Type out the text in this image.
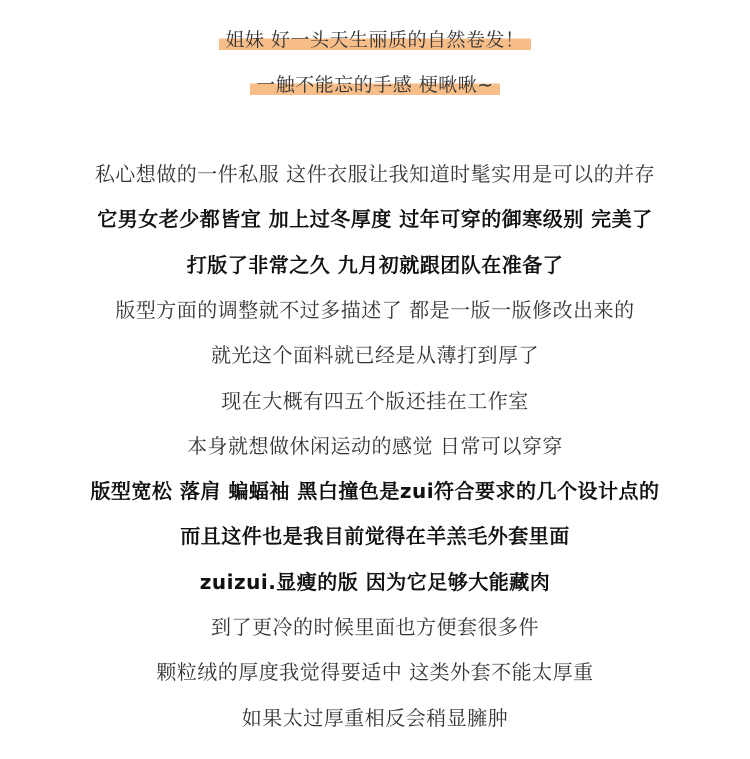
姐妹 好一头天生丽质的自然卷发！
一触不能忘的手感 梗啾啾~
私心想做的一件私服 这件衣服让我知道时髦实用是可以的并存
它男女老少都皆宜 加上过冬厚度 过年可穿的御寒级别 完美了
打版了非常之久 九月初就跟团队在准备了
版型方面的调整就不过多描述了 都是一版一版修改出来的
就光这个面料就已经是从薄打到厚了
现在大概有四五个版还挂在工作室
本身就想做休闲运动的感觉 日常可以穿穿
版型宽松 落肩 蝙蝠袖 黑白撞色是zui符合要求的几个设计点的
而且这件也是我目前觉得在羊羔毛外套里面
zuizui.显瘦的版 因为它足够大能藏肉
到了更冷的时候里面也方便套很多件
颗粒绒的厚度我觉得要适中 这类外套不能太厚重
如果太过厚重相反会稍显臃肿
